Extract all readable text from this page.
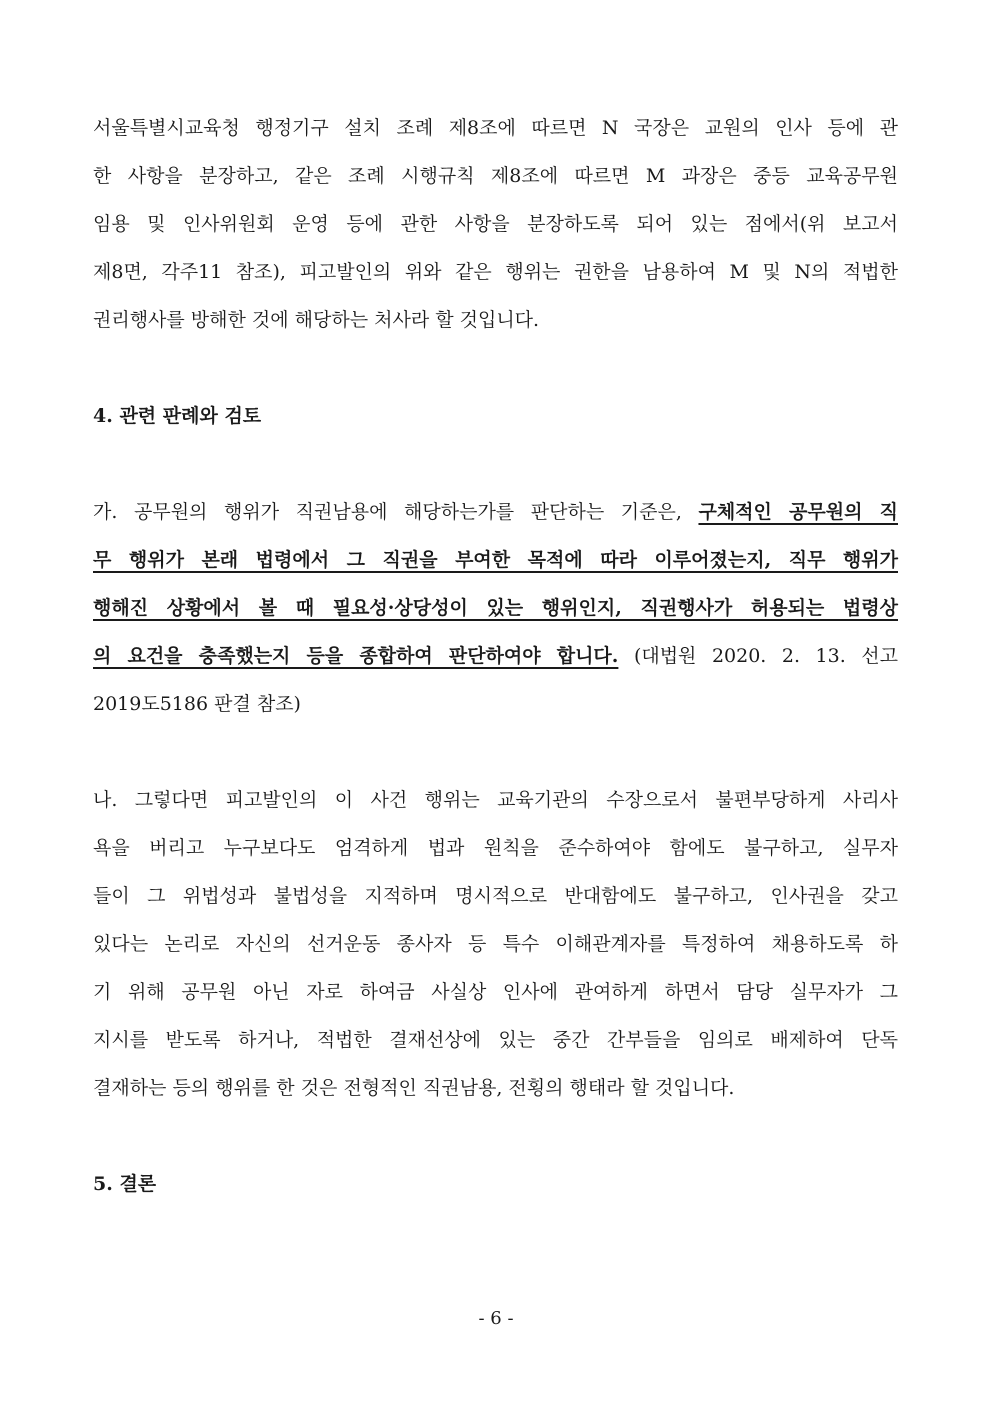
서울특별시교육청 행정기구 설치 조례 제8조에 따르면 N 국장은 교원의 인사 등에 관
한 사항을 분장하고, 같은 조례 시행규칙 제8조에 따르면 M 과장은 중등 교육공무원
임용 및 인사위원회 운영 등에 관한 사항을 분장하도록 되어 있는 점에서(위 보고서
제8면, 각주11 참조), 피고발인의 위와 같은 행위는 권한을 남용하여 M 및 N의 적법한
권리행사를 방해한 것에 해당하는 처사라 할 것입니다.
4. 관련 판례와 검토
가. 공무원의 행위가 직권남용에 해당하는가를 판단하는 기준은, 구체적인 공무원의 직
무 행위가 본래 법령에서 그 직권을 부여한 목적에 따라 이루어졌는지, 직무 행위가
행해진 상황에서 볼 때 필요성·상당성이 있는 행위인지, 직권행사가 허용되는 법령상
의 요건을 충족했는지 등을 종합하여 판단하여야 합니다. (대법원 2020. 2. 13. 선고
2019도5186 판결 참조)
나. 그렇다면 피고발인의 이 사건 행위는 교육기관의 수장으로서 불편부당하게 사리사
욕을 버리고 누구보다도 엄격하게 법과 원칙을 준수하여야 함에도 불구하고, 실무자
들이 그 위법성과 불법성을 지적하며 명시적으로 반대함에도 불구하고, 인사권을 갖고
있다는 논리로 자신의 선거운동 종사자 등 특수 이해관계자를 특정하여 채용하도록 하
기 위해 공무원 아닌 자로 하여금 사실상 인사에 관여하게 하면서 담당 실무자가 그
지시를 받도록 하거나, 적법한 결재선상에 있는 중간 간부들을 임의로 배제하여 단독
결재하는 등의 행위를 한 것은 전형적인 직권남용, 전횡의 행태라 할 것입니다.
5. 결론
- 6 -
